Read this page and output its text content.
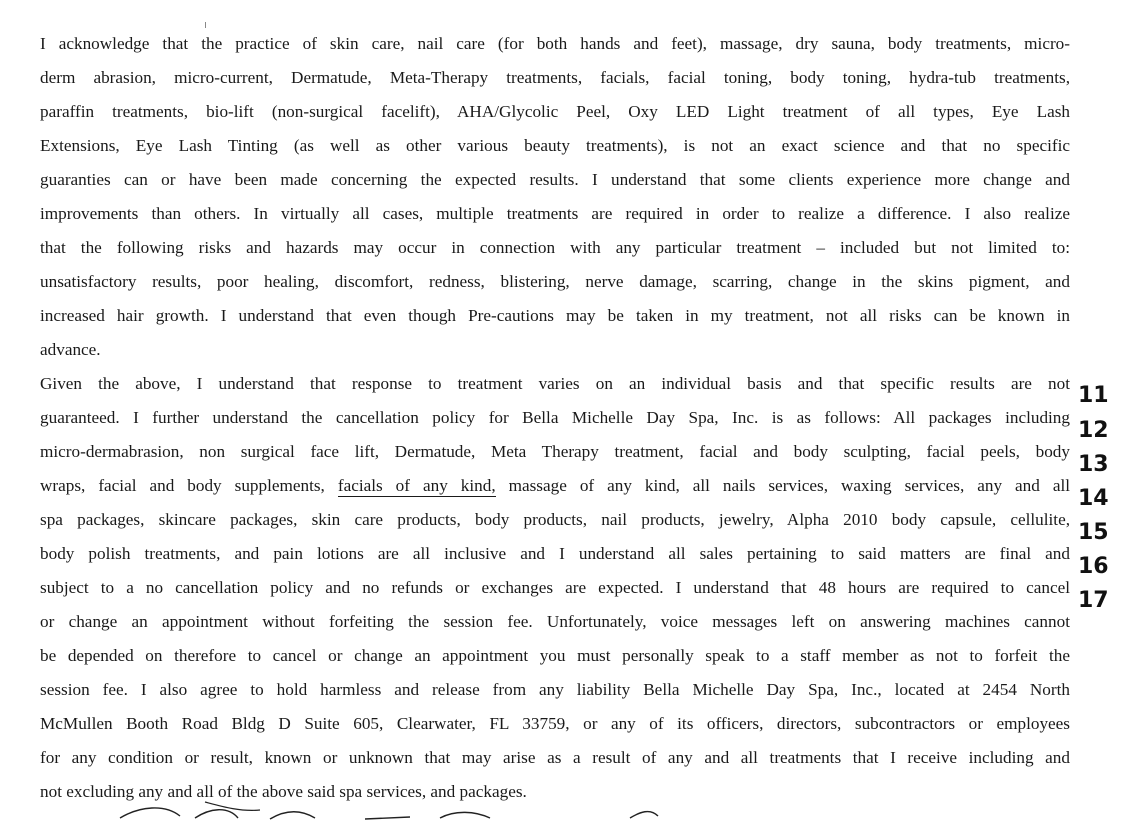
I acknowledge that the practice of skin care, nail care (for both hands and feet), massage, dry sauna, body treatments, micro-
derm abrasion, micro-current, Dermatude, Meta-Therapy treatments, facials, facial toning, body toning, hydra-tub treatments,
paraffin treatments, bio-lift (non-surgical facelift), AHA/Glycolic Peel, Oxy LED Light treatment of all types, Eye Lash
Extensions, Eye Lash Tinting (as well as other various beauty treatments), is not an exact science and that no specific
guaranties can or have been made concerning the expected results. I understand that some clients experience more change and
improvements than others. In virtually all cases, multiple treatments are required in order to realize a difference. I also realize
that the following risks and hazards may occur in connection with any particular treatment – included but not limited to:
unsatisfactory results, poor healing, discomfort, redness, blistering, nerve damage, scarring, change in the skins pigment, and
increased hair growth. I understand that even though Pre-cautions may be taken in my treatment, not all risks can be known in
advance.
Given the above, I understand that response to treatment varies on an individual basis and that specific results are not
guaranteed. I further understand the cancellation policy for Bella Michelle Day Spa, Inc. is as follows: All packages including
micro-dermabrasion, non surgical face lift, Dermatude, Meta Therapy treatment, facial and body sculpting, facial peels, body
wraps, facial and body supplements, facials of any kind, massage of any kind, all nails services, waxing services, any and all
spa packages, skincare packages, skin care products, body products, nail products, jewelry, Alpha 2010 body capsule, cellulite,
body polish treatments, and pain lotions are all inclusive and I understand all sales pertaining to said matters are final and
subject to a no cancellation policy and no refunds or exchanges are expected. I understand that 48 hours are required to cancel
or change an appointment without forfeiting the session fee. Unfortunately, voice messages left on answering machines cannot
be depended on therefore to cancel or change an appointment you must personally speak to a staff member as not to forfeit the
session fee. I also agree to hold harmless and release from any liability Bella Michelle Day Spa, Inc., located at 2454 North
McMullen Booth Road Bldg D Suite 605, Clearwater, FL 33759, or any of its officers, directors, subcontractors or employees
for any condition or result, known or unknown that may arise as a result of any and all treatments that I receive including and
not excluding any and all of the above said spa services, and packages.
11
12
13
14
15
16
17
